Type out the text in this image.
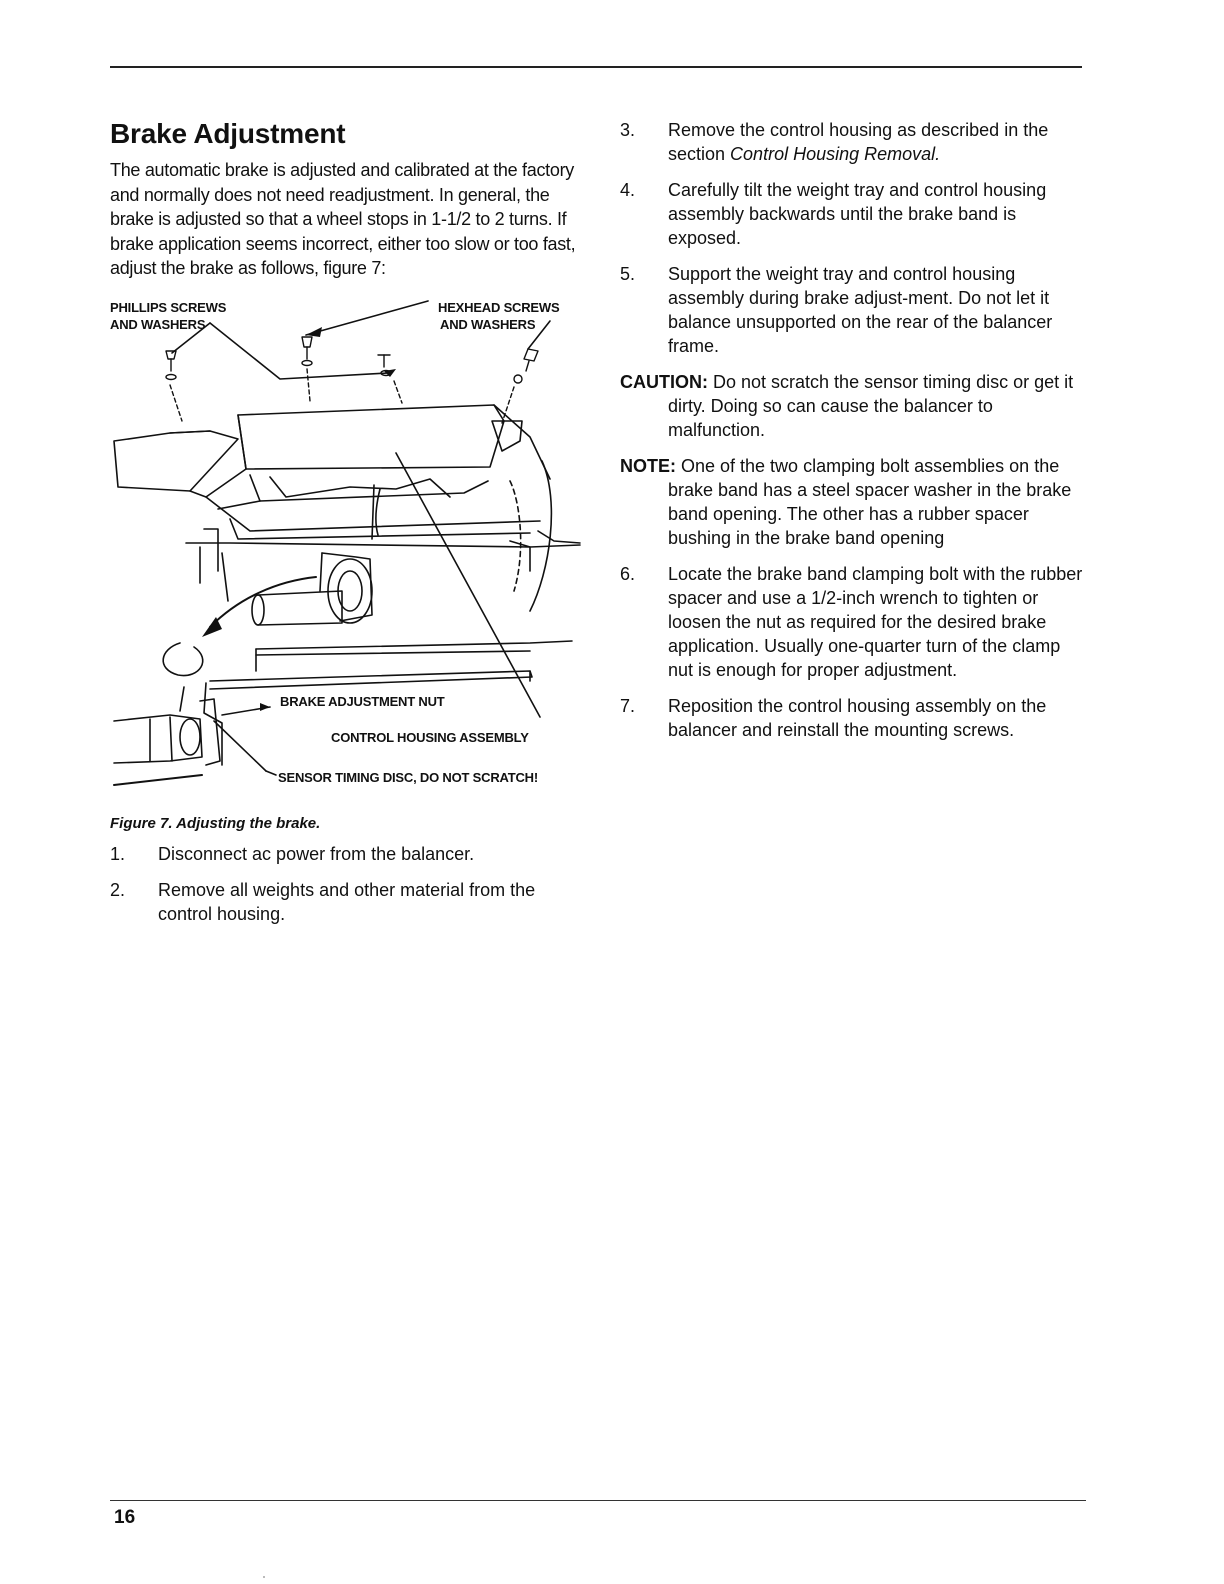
Brake Adjustment

The automatic brake is adjusted and calibrated at the factory and normally does not need readjustment. In general, the brake is adjusted so that a wheel stops in 1-1/2 to 2 turns. If brake application seems incorrect, either too slow or too fast, adjust the brake as follows, figure 7:

PHILLIPS SCREWS
AND WASHERS
HEXHEAD SCREWS
AND WASHERS
BRAKE ADJUSTMENT NUT
CONTROL HOUSING ASSEMBLY
SENSOR TIMING DISC, DO NOT SCRATCH!
Figure 7. Adjusting the brake.
1.	Disconnect ac power from the balancer.
2.	Remove all weights and other material from the control housing.
3.	Remove the control housing as described in the section Control Housing Removal.
4.	Carefully tilt the weight tray and control housing assembly backwards until the brake band is exposed.
5.	Support the weight tray and control housing assembly during brake adjust-ment. Do not let it balance unsupported on the rear of the balancer frame.
CAUTION: Do not scratch the sensor timing disc or get it dirty. Doing so can cause the balancer to malfunction.
NOTE: One of the two clamping bolt assemblies on the brake band has a steel spacer washer in the brake band opening. The other has a rubber spacer bushing in the brake band opening
6.	Locate the brake band clamping bolt with the rubber spacer and use a 1/2-inch wrench to tighten or loosen the nut as required for the desired brake application. Usually one-quarter turn of the clamp nut is enough for proper adjustment.
7.	Reposition the control housing assembly on the balancer and reinstall the mounting screws.
16
